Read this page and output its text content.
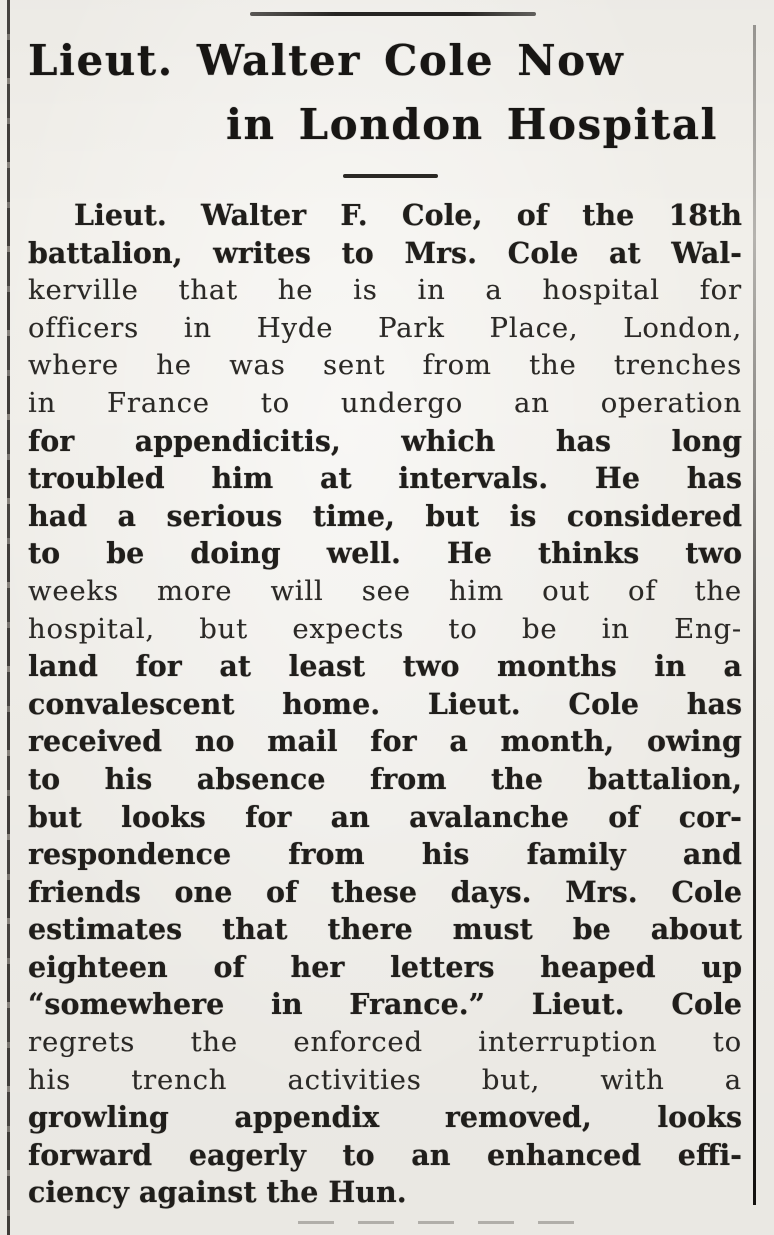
Lieut. Walter Cole Now
in London Hospital
Lieut. Walter F. Cole, of the 18th
battalion, writes to Mrs. Cole at Wal-
kerville that he is in a hospital for
officers in Hyde Park Place, London,
where he was sent from the trenches
in France to undergo an operation
for appendicitis, which has long
troubled him at intervals. He has
had a serious time, but is considered
to be doing well. He thinks two
weeks more will see him out of the
hospital, but expects to be in Eng-
land for at least two months in a
convalescent home. Lieut. Cole has
received no mail for a month, owing
to his absence from the battalion,
but looks for an avalanche of cor-
respondence from his family and
friends one of these days. Mrs. Cole
estimates that there must be about
eighteen of her letters heaped up
“somewhere in France.” Lieut. Cole
regrets the enforced interruption to
his trench activities but, with a
growling appendix removed, looks
forward eagerly to an enhanced effi-
ciency against the Hun.
